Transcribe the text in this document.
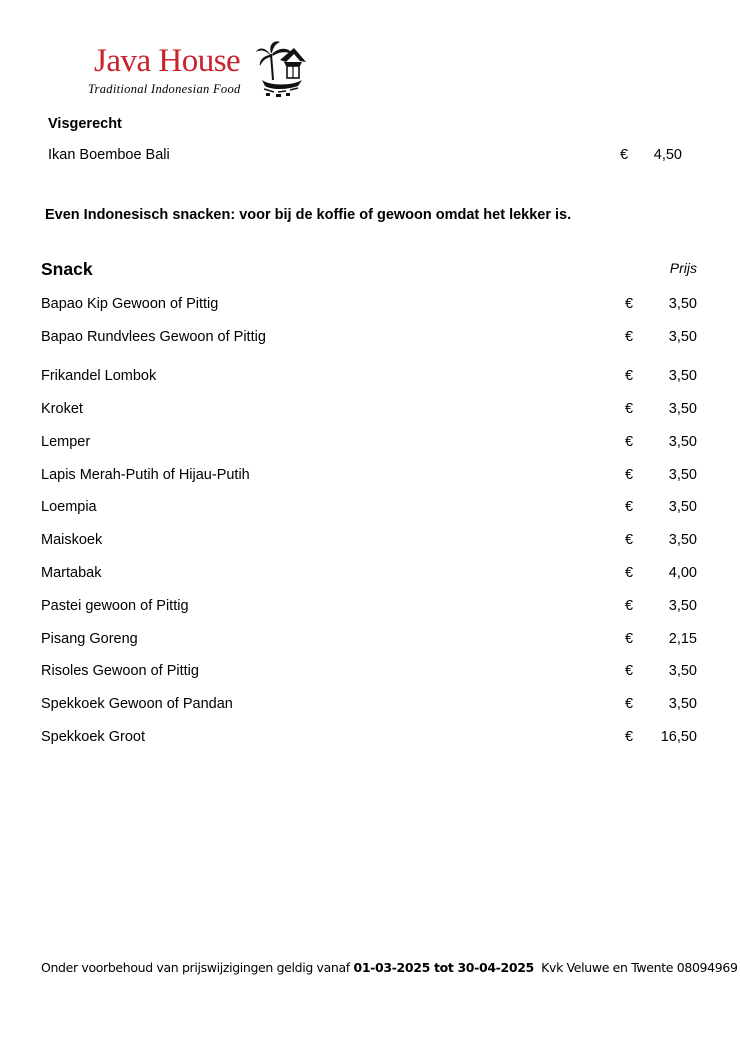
Java House
Traditional Indonesian Food
Visgerecht
Ikan Boemboe Bali	€	4,50
Even Indonesisch snacken: voor bij de koffie of gewoon omdat het lekker is.
Snack	Prijs
Bapao Kip Gewoon of Pittig	€	3,50
Bapao Rundvlees Gewoon of Pittig	€	3,50
Frikandel Lombok	€	3,50
Kroket	€	3,50
Lemper	€	3,50
Lapis Merah-Putih of Hijau-Putih	€	3,50
Loempia	€	3,50
Maiskoek	€	3,50
Martabak	€	4,00
Pastei gewoon of Pittig	€	3,50
Pisang Goreng	€	2,15
Risoles Gewoon of Pittig	€	3,50
Spekkoek Gewoon of Pandan	€	3,50
Spekkoek Groot	€	16,50
Onder voorbehoud van prijswijzigingen geldig vanaf 01-03-2025 tot 30-04-2025  Kvk Veluwe en Twente 08094969
